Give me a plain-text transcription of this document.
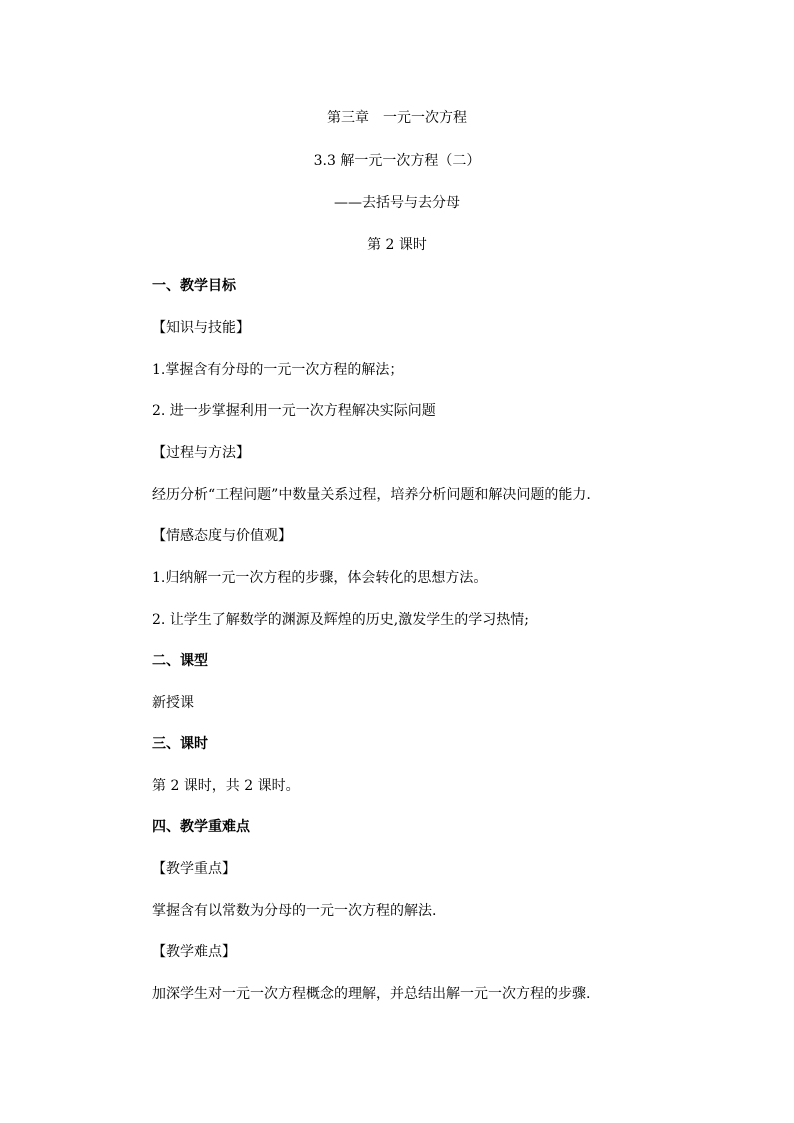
第三章　一元一次方程
3.3 解一元一次方程（二）
——去括号与去分母
第 2 课时
一、教学目标
【知识与技能】
1.掌握含有分母的一元一次方程的解法；
2. 进一步掌握利用一元一次方程解决实际问题
【过程与方法】
经历分析“工程问题”中数量关系过程，培养分析问题和解决问题的能力.
【情感态度与价值观】
1.归纳解一元一次方程的步骤，体会转化的思想方法。
2. 让学生了解数学的渊源及辉煌的历史,激发学生的学习热情;
二、课型
新授课
三、课时
第 2 课时，共 2 课时。
四、教学重难点
【教学重点】
掌握含有以常数为分母的一元一次方程的解法.
【教学难点】
加深学生对一元一次方程概念的理解，并总结出解一元一次方程的步骤.
